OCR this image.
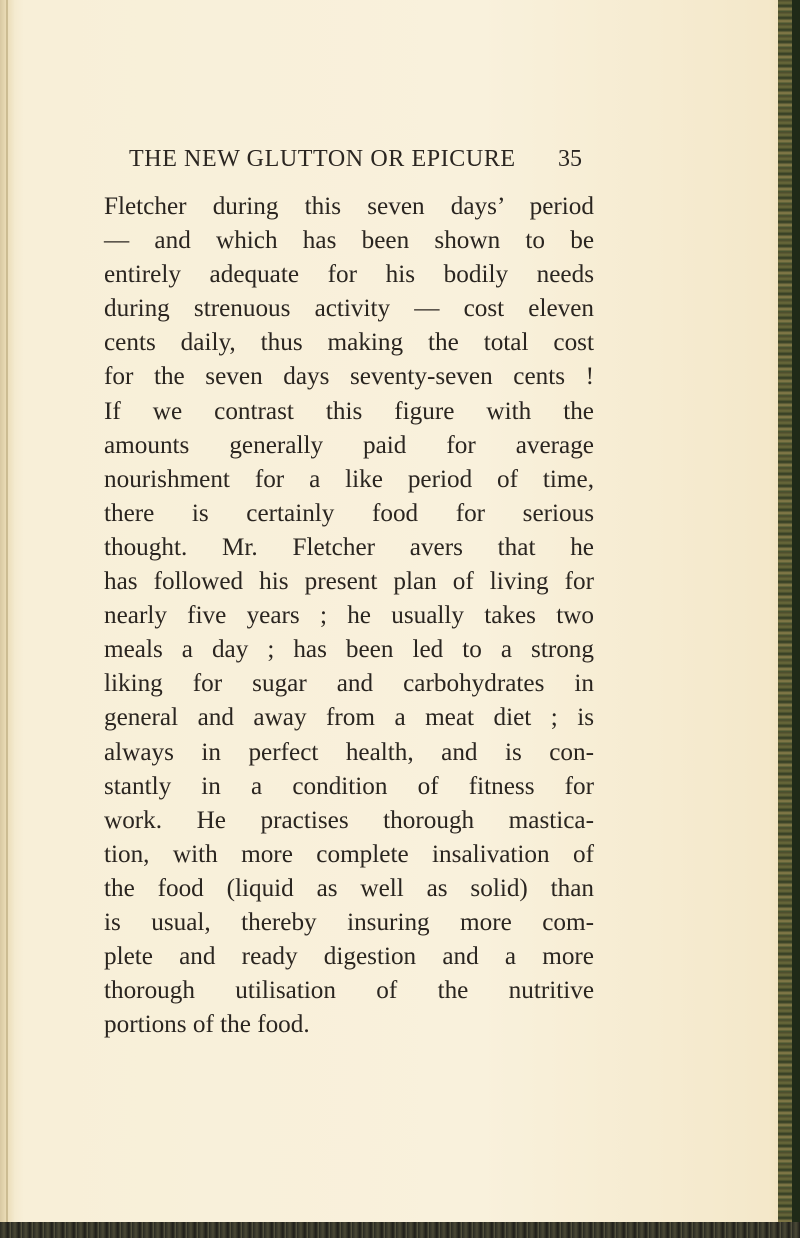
THE NEW GLUTTON OR EPICURE 35
Fletcher during this seven days’ period
— and which has been shown to be
entirely adequate for his bodily needs
during strenuous activity — cost eleven
cents daily, thus making the total cost
for the seven days seventy-seven cents !
If we contrast this figure with the
amounts generally paid for average
nourishment for a like period of time,
there is certainly food for serious
thought. Mr. Fletcher avers that he
has followed his present plan of living for
nearly five years ; he usually takes two
meals a day ; has been led to a strong
liking for sugar and carbohydrates in
general and away from a meat diet ; is
always in perfect health, and is con-
stantly in a condition of fitness for
work. He practises thorough mastica-
tion, with more complete insalivation of
the food (liquid as well as solid) than
is usual, thereby insuring more com-
plete and ready digestion and a more
thorough utilisation of the nutritive
portions of the food.
